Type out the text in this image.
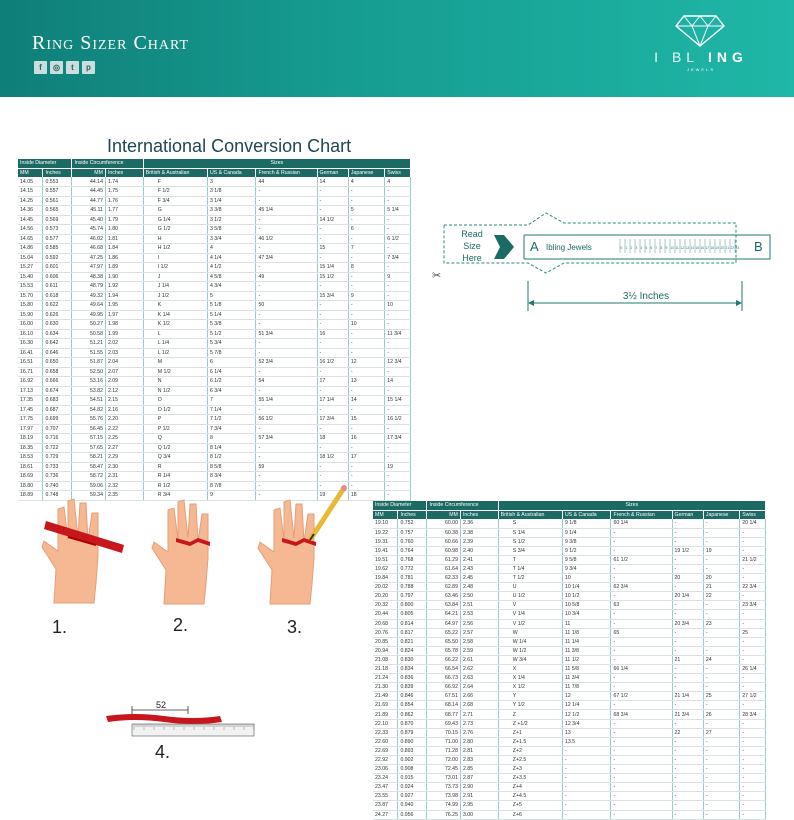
Ring Sizer Chart
f	◎	t	p
I BL ING
JEWELS
International Conversion Chart
Inside Diameter		Inside Circumference		Sizes					
MM	Inches	MM	Inches	British & Australian	US & Canada	French & Russian	German	Japanese	Swiss
14.05	0.553	44.14	1.74	F	3	44	14	4	4
14.15	0.557	44.45	1.75	F 1/2	3 1/8	-	-	-	-
14.25	0.561	44.77	1.76	F 3/4	3 1/4	-	-	-	-
14.36	0.565	45.11	1.77	G	3 3/8	45 1/4	-	5	5 1/4
14.45	0.569	45.40	1.79	G 1/4	3 1/2	-	14 1/2	-	-
14.56	0.573	45.74	1.80	G 1/2	3 5/8	-	-	6	-
14.65	0.577	46.02	1.81	H	3 3/4	46 1/2	-	-	6 1/2
14.86	0.585	46.68	1.84	H 1/2	4	-	15	7	-
15.04	0.592	47.25	1.86	I	4 1/4	47 3/4	-	-	7 3/4
15.27	0.601	47.97	1.89	I 1/2	4 1/2	-	15 1/4	8	-
15.40	0.606	48.38	1.90	J	4 5/8	49	15 1/2	-	9
15.53	0.611	48.79	1.92	J 1/4	4 3/4	-	-	-	-
15.70	0.618	49.32	1.94	J 1/2	5	-	15 3/4	9	-
15.80	0.622	49.64	1.95	K	5 1/8	50	-	-	10
15.90	0.626	49.95	1.97	K 1/4	5 1/4	-	-	-	-
16.00	0.630	50.27	1.98	K 1/2	5 3/8	-	-	10	-
16.10	0.634	50.58	1.99	L	5 1/2	51 3/4	16	-	11 3/4
16.30	0.642	51.21	2.02	L 1/4	5 3/4	-	-	-	-
16.41	0.646	51.55	2.03	L 1/2	5 7/8	-	-	-	-
16.51	0.650	51.87	2.04	M	6	52 3/4	16 1/2	12	12 3/4
16.71	0.658	52.50	2.07	M 1/2	6 1/4	-	-	-	-
16.92	0.666	53.16	2.09	N	6 1/2	54	17	13	14
17.13	0.674	53.82	2.12	N 1/2	6 3/4	-	-	-	-
17.35	0.683	54.51	2.15	O	7	55 1/4	17 1/4	14	15 1/4
17.45	0.687	54.82	2.16	O 1/2	7 1/4	-	-	-	-
17.75	0.699	55.76	2.20	P	7 1/2	56 1/2	17 3/4	15	16 1/2
17.97	0.707	56.45	2.22	P 1/2	7 3/4	-	-	-	-
18.19	0.716	57.15	2.25	Q	8	57 3/4	18	16	17 3/4
18.35	0.722	57.65	2.27	Q 1/2	8 1/4	-	-	-	-
18.53	0.729	58.21	2.29	Q 3/4	8 1/2	-	18 1/2	17	-
18.61	0.733	58.47	2.30	R	8 5/8	59	-	-	19
18.69	0.736	58.72	2.31	R 1/4	8 3/4	-	-	-	-
18.80	0.740	59.06	2.32	R 1/2	8 7/8	-	-	-	-
18.89	0.748	59.34	2.35	R 3/4	9	-	19	18	-
Read
Size
Here
A Ibling Jewels	B
0 1 2 3 4 5 6 7 8 9 10 11 12 13 14 15 16 17 18 19 20 21 22 23
✂
3½ Inches
1.	2.	3.
52
4.
Inside Diameter		Inside Circumference		Sizes					
MM	Inches	MM	Inches	British & Australian	US & Canada	French & Russian	German	Japanese	Swiss
19.10	0.752	60.00	2.36	S	9 1/8	60 1/4	-	-	20 1/4
19.22	0.757	60.38	2.38	S 1/4	9 1/4	-	-	-	-
19.31	0.760	60.66	2.39	S 1/2	9 3/8	-	-	-	-
19.41	0.764	60.98	2.40	S 3/4	9 1/2	-	19 1/2	19	-
19.51	0.768	61.29	2.41	T	9 5/8	61 1/2	-	-	21 1/2
19.62	0.772	61.64	2.43	T 1/4	9 3/4	-	-	-	-
19.84	0.781	62.33	2.45	T 1/2	10	-	20	20	-
20.02	0.788	62.89	2.48	U	10 1/4	62 3/4	-	21	22 3/4
20.20	0.797	63.46	2.50	U 1/2	10 1/2	-	20 1/4	22	-
20.32	0.800	63.84	2.51	V	10 5/8	63	-	-	23 3/4
20.44	0.805	64.21	2.53	V 1/4	10 3/4	-	-	-	-
20.68	0.814	64.97	2.56	V 1/2	11	-	20 3/4	23	-
20.76	0.817	65.22	2.57	W	11 1/8	65	-	-	25
20.85	0.821	65.50	2.58	W 1/4	11 1/4	-	-	-	-
20.94	0.824	65.78	2.59	W 1/2	11 3/8	-	-	-	-
21.08	0.830	66.22	2.61	W 3/4	11 1/2	-	21	24	-
21.18	0.834	66.54	2.62	X	11 5/8	66 1/4	-	-	26 1/4
21.24	0.836	66.73	2.63	X 1/4	11 3/4	-	-	-	-
21.30	0.839	66.92	2.64	X 1/2	11 7/8	-	-	-	-
21.49	0.846	67.51	2.66	Y	12	67 1/2	21 1/4	25	27 1/2
21.69	0.854	68.14	2.68	Y 1/2	12 1/4	-	-	-	-
21.89	0.862	68.77	2.71	Z	12 1/2	68 3/4	21 3/4	26	28 3/4
22.10	0.870	69.43	2.73	Z +1/2	12 3/4	-	-	-	-
22.33	0.879	70.15	2.76	Z+1	13	-	22	27	-
22.60	0.890	71.00	2.80	Z+1.5	13.5	-	-	-	-
22.69	0.893	71.28	2.81	Z+2	-	-	-	-	-
22.92	0.902	72.00	2.83	Z+2.5	-	-	-	-	-
23.06	0.908	72.45	2.85	Z+3	-	-	-	-	-
23.24	0.915	73.01	2.87	Z+3.5	-	-	-	-	-
23.47	0.924	73.73	2.90	Z+4	-	-	-	-	-
23.55	0.927	73.98	2.91	Z+4.5	-	-	-	-	-
23.87	0.940	74.99	2.95	Z+5	-	-	-	-	-
24.27	0.956	76.25	3.00	Z+6	-	-	-	-	-
